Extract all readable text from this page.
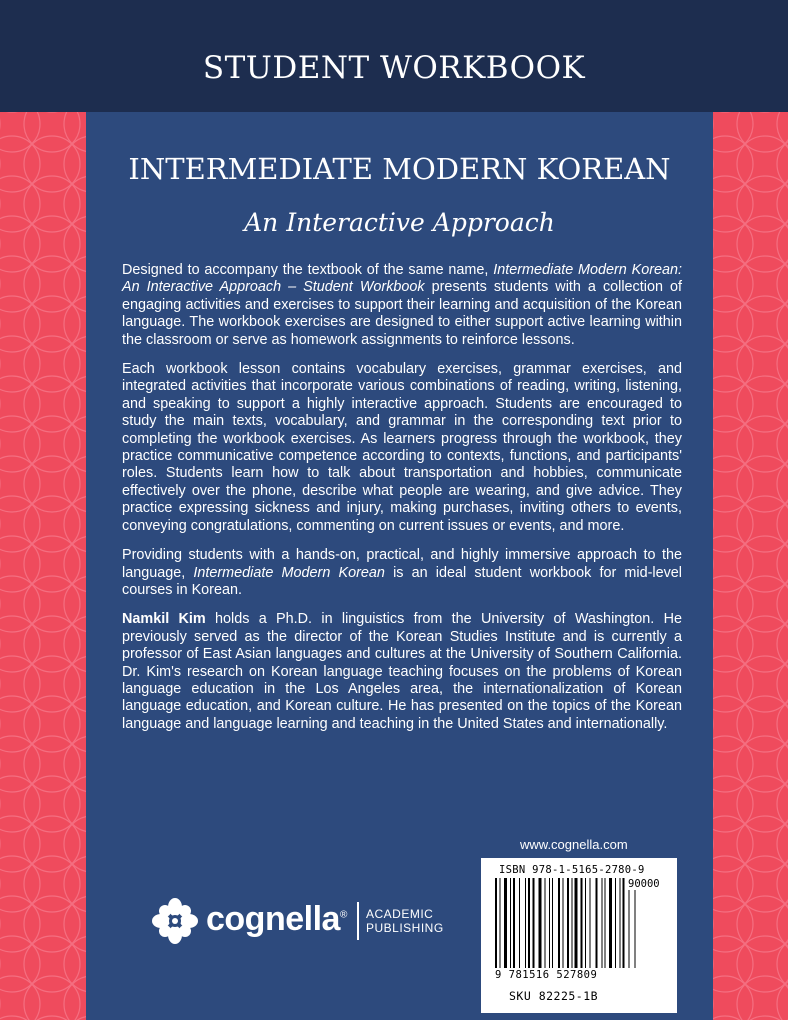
STUDENT WORKBOOK
INTERMEDIATE MODERN KOREAN
An Interactive Approach

Designed to accompany the textbook of the same name, Intermediate Modern Korean: An Interactive Approach – Student Workbook presents students with a collection of engaging activities and exercises to support their learning and acquisition of the Korean language. The workbook exercises are designed to either support active learning within the classroom or serve as homework assignments to reinforce lessons.

Each workbook lesson contains vocabulary exercises, grammar exercises, and integrated activities that incorporate various combinations of reading, writing, listening, and speaking to support a highly interactive approach. Students are encouraged to study the main texts, vocabulary, and grammar in the corresponding text prior to completing the workbook exercises. As learners progress through the workbook, they practice communicative competence according to contexts, functions, and participants' roles. Students learn how to talk about transportation and hobbies, communicate effectively over the phone, describe what people are wearing, and give advice. They practice expressing sickness and injury, making purchases, inviting others to events, conveying congratulations, commenting on current issues or events, and more.

Providing students with a hands-on, practical, and highly immersive approach to the language, Intermediate Modern Korean is an ideal student workbook for mid-level courses in Korean.

Namkil Kim holds a Ph.D. in linguistics from the University of Washington. He previously served as the director of the Korean Studies Institute and is currently a professor of East Asian languages and cultures at the University of Southern California. Dr. Kim's research on Korean language teaching focuses on the problems of Korean language education in the Los Angeles area, the internationalization of Korean language education, and Korean culture. He has presented on the topics of the Korean language and language learning and teaching in the United States and internationally.

www.cognella.com
cognella® ACADEMIC
PUBLISHING
ISBN 978-1-5165-2780-9
90000
9 781516 527809
SKU 82225-1B
